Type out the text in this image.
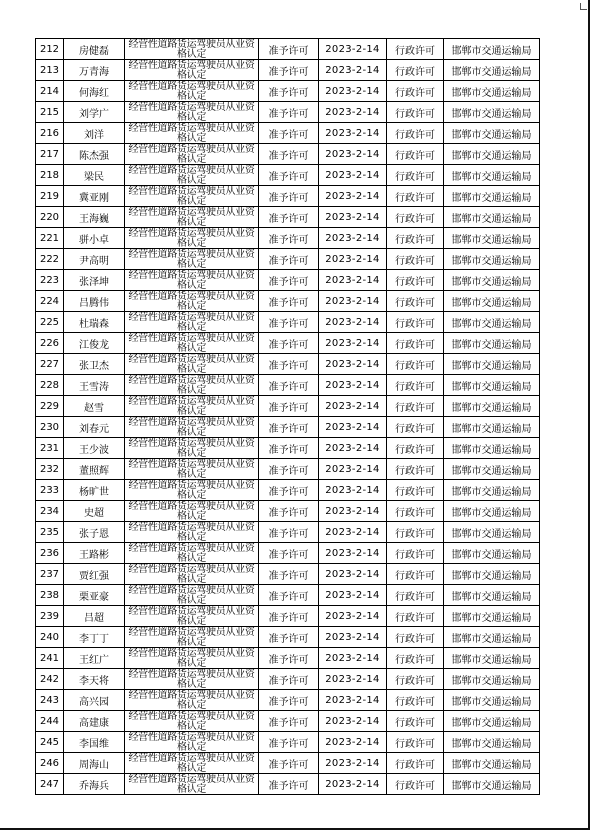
212	房健磊	经营性道路货运驾驶员从业资格认定	准予许可	2023-2-14	行政许可	邯郸市交通运输局

213	万青海	经营性道路货运驾驶员从业资格认定	准予许可	2023-2-14	行政许可	邯郸市交通运输局

214	何海红	经营性道路货运驾驶员从业资格认定	准予许可	2023-2-14	行政许可	邯郸市交通运输局

215	刘学广	经营性道路货运驾驶员从业资格认定	准予许可	2023-2-14	行政许可	邯郸市交通运输局

216	刘洋	经营性道路货运驾驶员从业资格认定	准予许可	2023-2-14	行政许可	邯郸市交通运输局

217	陈杰强	经营性道路货运驾驶员从业资格认定	准予许可	2023-2-14	行政许可	邯郸市交通运输局

218	梁民	经营性道路货运驾驶员从业资格认定	准予许可	2023-2-14	行政许可	邯郸市交通运输局

219	冀亚刚	经营性道路货运驾驶员从业资格认定	准予许可	2023-2-14	行政许可	邯郸市交通运输局

220	王海巍	经营性道路货运驾驶员从业资格认定	准予许可	2023-2-14	行政许可	邯郸市交通运输局

221	骈小卓	经营性道路货运驾驶员从业资格认定	准予许可	2023-2-14	行政许可	邯郸市交通运输局

222	尹高明	经营性道路货运驾驶员从业资格认定	准予许可	2023-2-14	行政许可	邯郸市交通运输局

223	张泽坤	经营性道路货运驾驶员从业资格认定	准予许可	2023-2-14	行政许可	邯郸市交通运输局

224	吕腾伟	经营性道路货运驾驶员从业资格认定	准予许可	2023-2-14	行政许可	邯郸市交通运输局

225	杜瑞森	经营性道路货运驾驶员从业资格认定	准予许可	2023-2-14	行政许可	邯郸市交通运输局

226	江俊龙	经营性道路货运驾驶员从业资格认定	准予许可	2023-2-14	行政许可	邯郸市交通运输局

227	张卫杰	经营性道路货运驾驶员从业资格认定	准予许可	2023-2-14	行政许可	邯郸市交通运输局

228	王雪涛	经营性道路货运驾驶员从业资格认定	准予许可	2023-2-14	行政许可	邯郸市交通运输局

229	赵雪	经营性道路货运驾驶员从业资格认定	准予许可	2023-2-14	行政许可	邯郸市交通运输局

230	刘春元	经营性道路货运驾驶员从业资格认定	准予许可	2023-2-14	行政许可	邯郸市交通运输局

231	王少波	经营性道路货运驾驶员从业资格认定	准予许可	2023-2-14	行政许可	邯郸市交通运输局

232	董照辉	经营性道路货运驾驶员从业资格认定	准予许可	2023-2-14	行政许可	邯郸市交通运输局

233	杨旷世	经营性道路货运驾驶员从业资格认定	准予许可	2023-2-14	行政许可	邯郸市交通运输局

234	史超	经营性道路货运驾驶员从业资格认定	准予许可	2023-2-14	行政许可	邯郸市交通运输局

235	张子恩	经营性道路货运驾驶员从业资格认定	准予许可	2023-2-14	行政许可	邯郸市交通运输局

236	王路彬	经营性道路货运驾驶员从业资格认定	准予许可	2023-2-14	行政许可	邯郸市交通运输局

237	贾红强	经营性道路货运驾驶员从业资格认定	准予许可	2023-2-14	行政许可	邯郸市交通运输局

238	栗亚豪	经营性道路货运驾驶员从业资格认定	准予许可	2023-2-14	行政许可	邯郸市交通运输局

239	吕超	经营性道路货运驾驶员从业资格认定	准予许可	2023-2-14	行政许可	邯郸市交通运输局

240	李丁丁	经营性道路货运驾驶员从业资格认定	准予许可	2023-2-14	行政许可	邯郸市交通运输局

241	王红广	经营性道路货运驾驶员从业资格认定	准予许可	2023-2-14	行政许可	邯郸市交通运输局

242	李天将	经营性道路货运驾驶员从业资格认定	准予许可	2023-2-14	行政许可	邯郸市交通运输局

243	高兴园	经营性道路货运驾驶员从业资格认定	准予许可	2023-2-14	行政许可	邯郸市交通运输局

244	高建康	经营性道路货运驾驶员从业资格认定	准予许可	2023-2-14	行政许可	邯郸市交通运输局

245	李国维	经营性道路货运驾驶员从业资格认定	准予许可	2023-2-14	行政许可	邯郸市交通运输局

246	周海山	经营性道路货运驾驶员从业资格认定	准予许可	2023-2-14	行政许可	邯郸市交通运输局

247	乔海兵	经营性道路货运驾驶员从业资格认定	准予许可	2023-2-14	行政许可	邯郸市交通运输局
